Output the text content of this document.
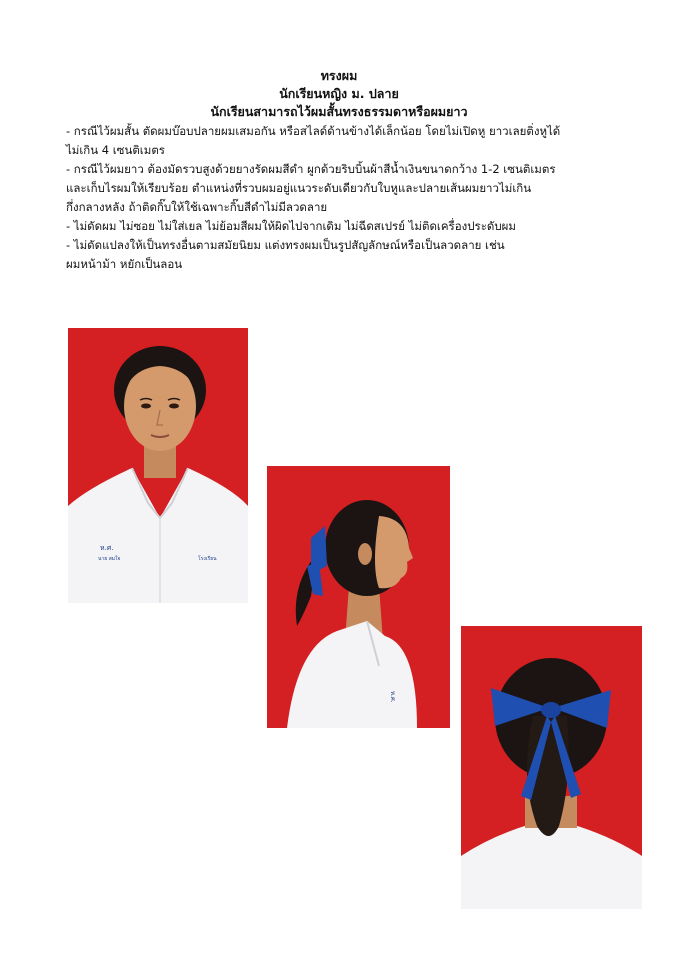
ทรงผม
นักเรียนหญิง ม. ปลาย
นักเรียนสามารถไว้ผมสั้นทรงธรรมดาหรือผมยาว

- กรณีไว้ผมสั้น ตัดผมบ๊อบปลายผมเสมอกัน หรือสไลด์ด้านข้างได้เล็กน้อย โดยไม่เปิดหู ยาวเลยติ่งหูได้

ไม่เกิน 4 เซนติเมตร

- กรณีไว้ผมยาว ต้องมัดรวบสูงด้วยยางรัดผมสีดำ ผูกด้วยริบบิ้นผ้าสีน้ำเงินขนาดกว้าง 1-2 เซนติเมตร

และเก็บไรผมให้เรียบร้อย ตำแหน่งที่รวบผมอยู่แนวระดับเดียวกับใบหูและปลายเส้นผมยาวไม่เกิน

กึ่งกลางหลัง ถ้าติดกิ๊บให้ใช้เฉพาะกิ๊บสีดำไม่มีลวดลาย

- ไม่ดัดผม ไม่ซอย ไม่ใส่เยล ไม่ย้อมสีผมให้ผิดไปจากเดิม ไม่ฉีดสเปรย์ ไม่ติดเครื่องประดับผม

- ไม่ดัดแปลงให้เป็นทรงอื่นตามสมัยนิยม แต่งทรงผมเป็นรูปสัญลักษณ์หรือเป็นลวดลาย เช่น

ผมหน้าม้า หยักเป็นลอน

ห.ศ.
นาย สมใจ	โรงเรียน
ห.ศ.
